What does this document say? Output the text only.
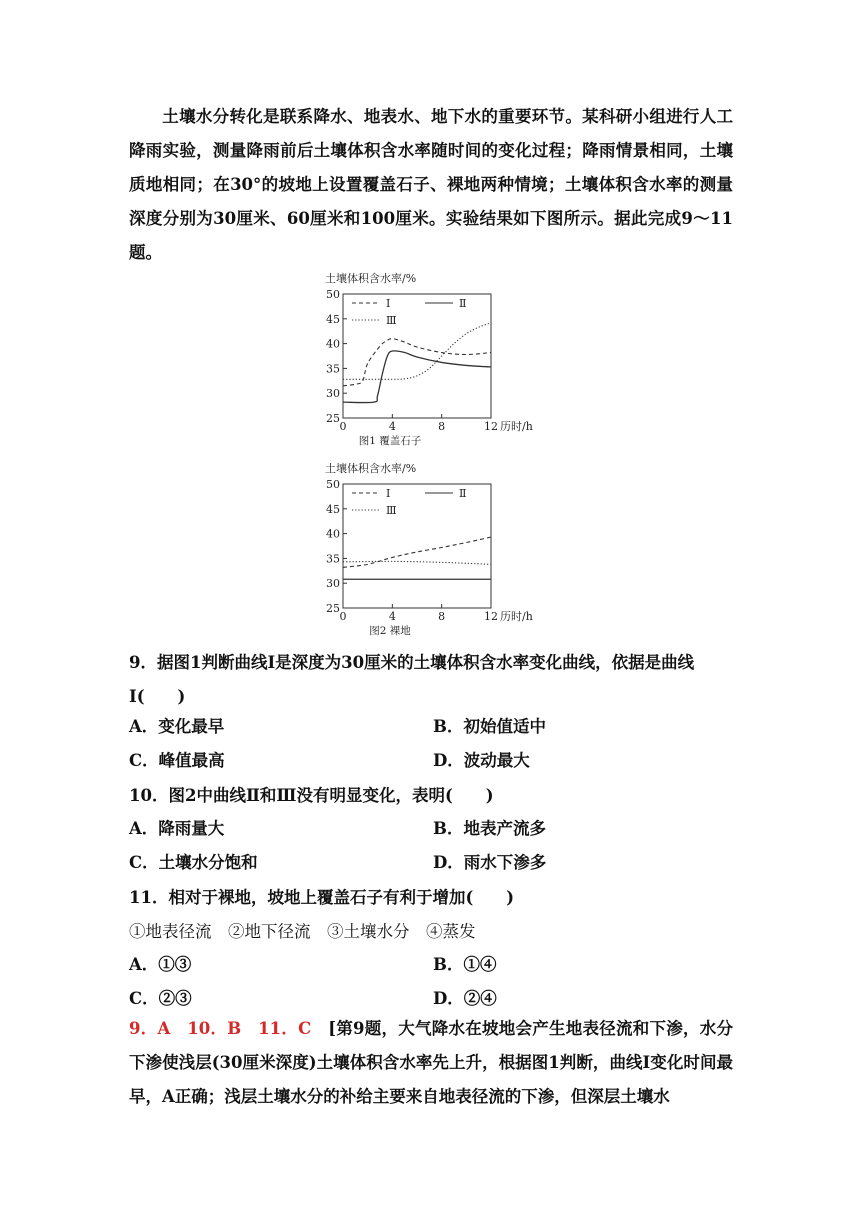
土壤水分转化是联系降水、地表水、地下水的重要环节。某科研小组进行人工降雨实验，测量降雨前后土壤体积含水率随时间的变化过程；降雨情景相同，土壤质地相同；在30°的坡地上设置覆盖石子、裸地两种情境；土壤体积含水率的测量深度分别为30厘米、60厘米和100厘米。实验结果如下图所示。据此完成9～11题。

土壤体积含水率/%
25
30
35
40
45
50
0	4	8	12 历时/h
图1 覆盖石子
Ⅰ	Ⅱ
Ⅲ

土壤体积含水率/%
25
30
35
40
45
50
0	4	8	12 历时/h
图2 裸地
Ⅰ	Ⅱ
Ⅲ

9．据图1判断曲线Ⅰ是深度为30厘米的土壤体积含水率变化曲线，依据是曲线Ⅰ(　　)

A．变化最早	B．初始值适中
C．峰值最高	D．波动最大

10．图2中曲线Ⅱ和Ⅲ没有明显变化，表明(　　)

A．降雨量大	B．地表产流多
C．土壤水分饱和	D．雨水下渗多

11．相对于裸地，坡地上覆盖石子有利于增加(　　)

①地表径流　②地下径流　③土壤水分　④蒸发

A．①③	B．①④
C．②③	D．②④

9．A　10．B　11．C　[第9题，大气降水在坡地会产生地表径流和下渗，水分下渗使浅层(30厘米深度)土壤体积含水率先上升，根据图1判断，曲线Ⅰ变化时间最早，A正确；浅层土壤水分的补给主要来自地表径流的下渗，但深层土壤水
